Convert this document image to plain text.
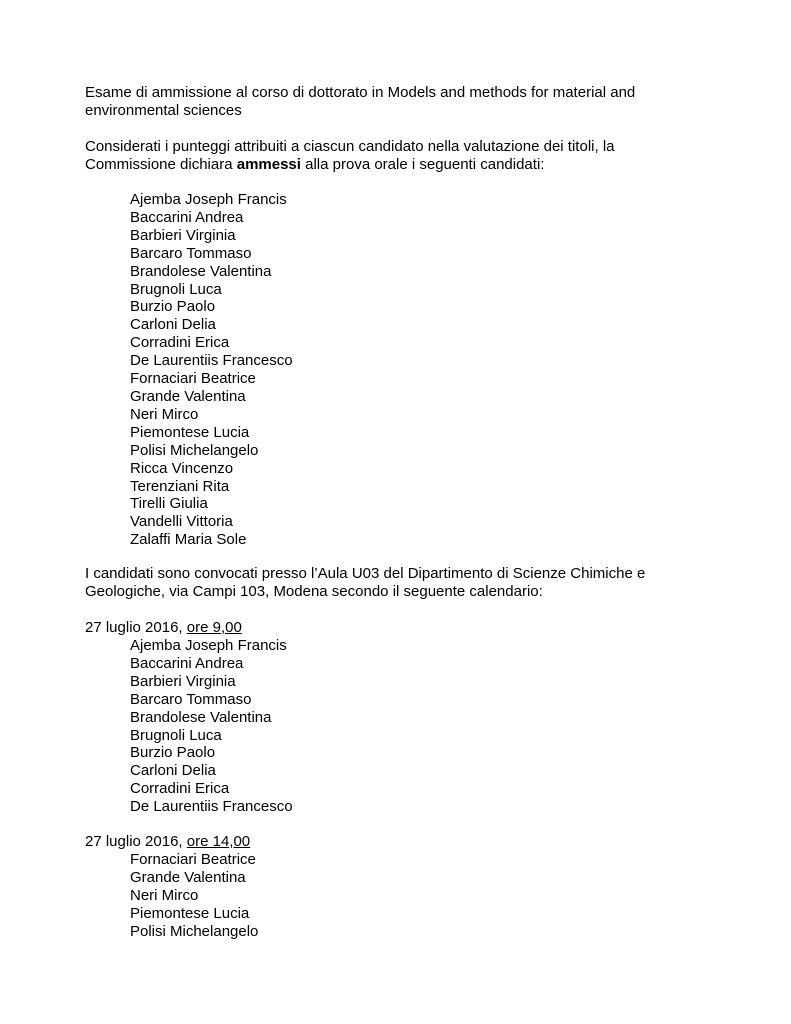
Esame di ammissione al corso di dottorato in Models and methods for material and
environmental sciences

Considerati i punteggi attribuiti a ciascun candidato nella valutazione dei titoli, la
Commissione dichiara ammessi alla prova orale i seguenti candidati:

Ajemba Joseph Francis
Baccarini Andrea
Barbieri Virginia
Barcaro Tommaso
Brandolese Valentina
Brugnoli Luca
Burzio Paolo
Carloni Delia
Corradini Erica
De Laurentiis Francesco
Fornaciari Beatrice
Grande Valentina
Neri Mirco
Piemontese Lucia
Polisi Michelangelo
Ricca Vincenzo
Terenziani Rita
Tirelli Giulia
Vandelli Vittoria
Zalaffi Maria Sole

I candidati sono convocati presso l’Aula U03 del Dipartimento di Scienze Chimiche e
Geologiche, via Campi 103, Modena secondo il seguente calendario:

27 luglio 2016, ore 9,00

Ajemba Joseph Francis
Baccarini Andrea
Barbieri Virginia
Barcaro Tommaso
Brandolese Valentina
Brugnoli Luca
Burzio Paolo
Carloni Delia
Corradini Erica
De Laurentiis Francesco

27 luglio 2016, ore 14,00

Fornaciari Beatrice
Grande Valentina
Neri Mirco
Piemontese Lucia
Polisi Michelangelo
